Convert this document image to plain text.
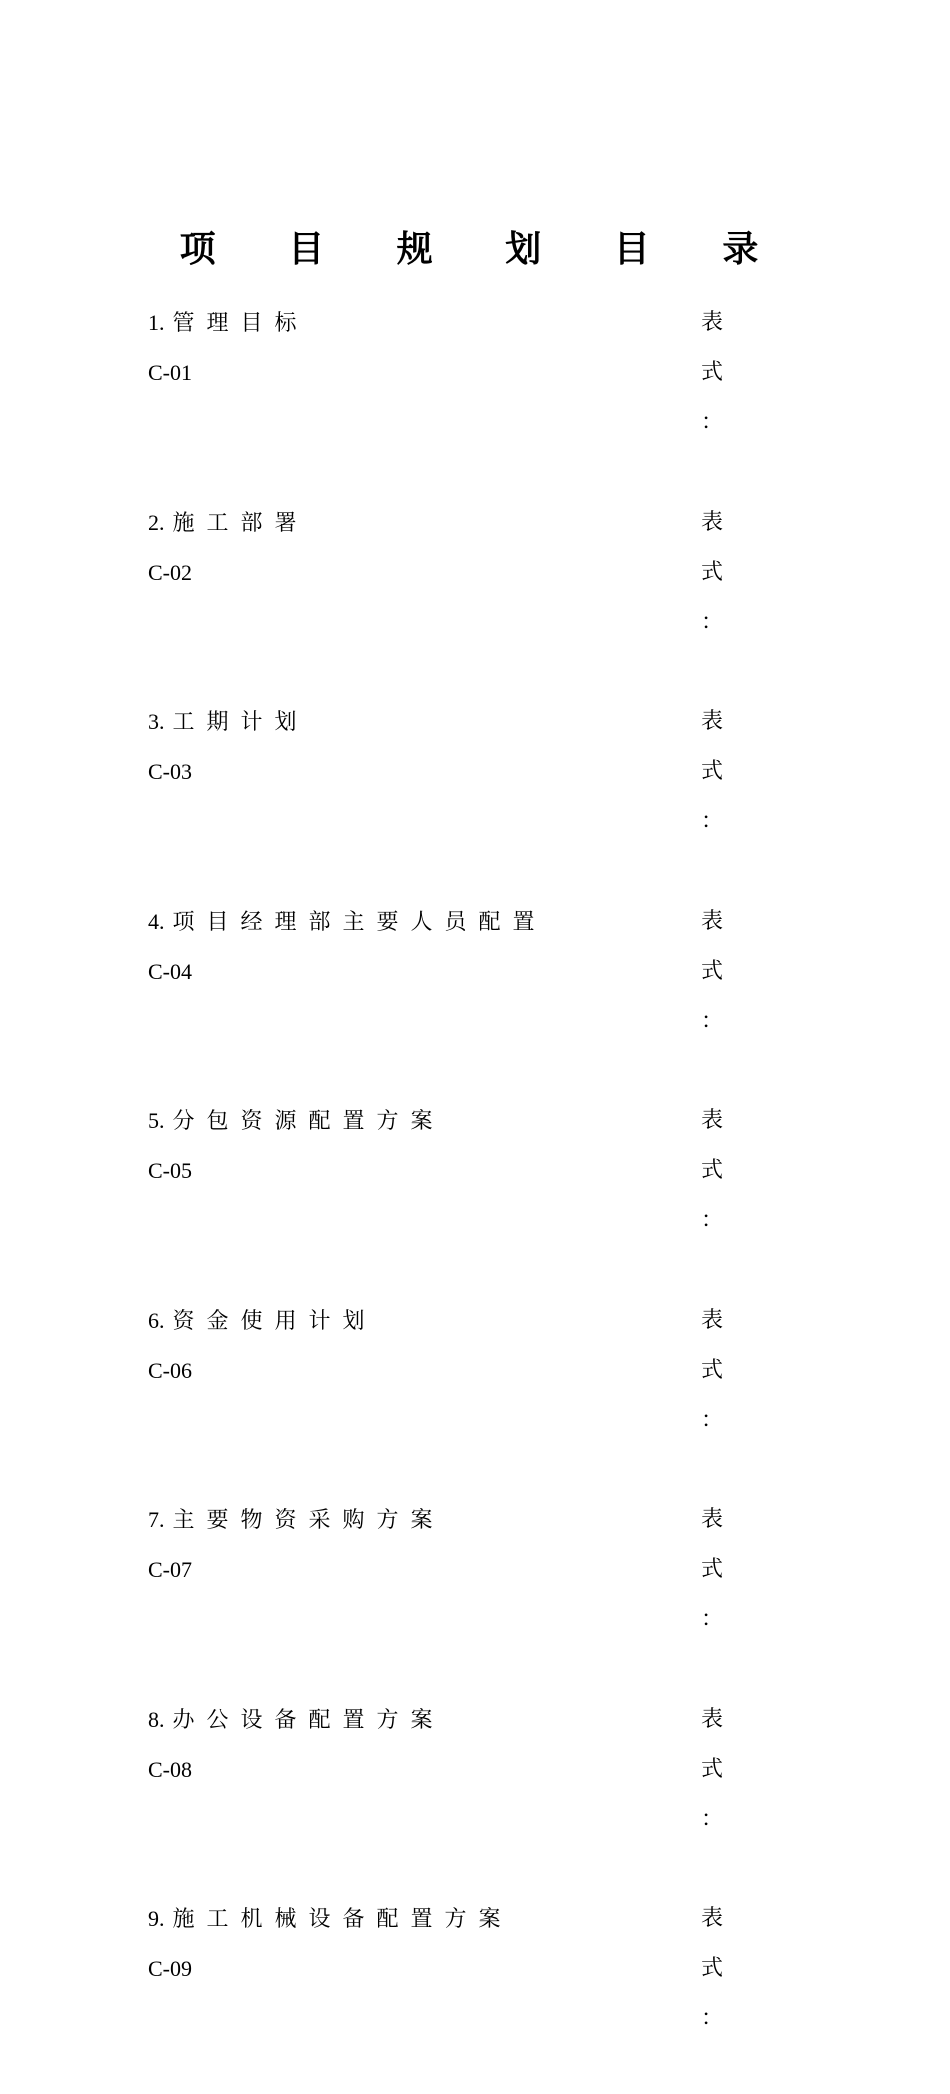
项 目 规 划 目 录
1. 管理目标	表 式 ：
C-01
2. 施工部署	表 式 ：
C-02
3. 工期计划	表 式 ：
C-03
4. 项目经理部主要人员配置	表 式 ：
C-04
5. 分包资源配置方案	表 式 ：
C-05
6. 资金使用计划	表 式 ：
C-06
7. 主要物资采购方案	表 式 ：
C-07
8. 办公设备配置方案	表 式 ：
C-08
9. 施工机械设备配置方案	表 式 ：
C-09
